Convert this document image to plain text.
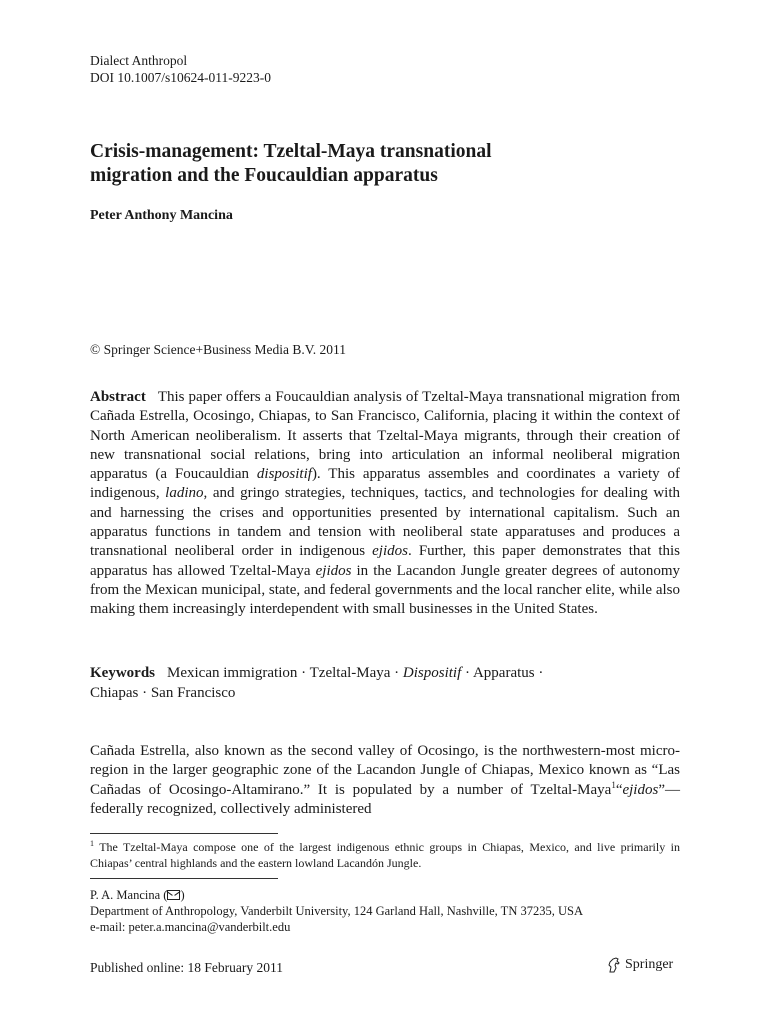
Dialect Anthropol
DOI 10.1007/s10624-011-9223-0
Crisis-management: Tzeltal-Maya transnational
migration and the Foucauldian apparatus
Peter Anthony Mancina
© Springer Science+Business Media B.V. 2011

Abstract This paper offers a Foucauldian analysis of Tzeltal-Maya transnational migration from Cañada Estrella, Ocosingo, Chiapas, to San Francisco, California, placing it within the context of North American neoliberalism. It asserts that Tzeltal-Maya migrants, through their creation of new transnational social relations, bring into articulation an informal neoliberal migration apparatus (a Foucauldian dispositif). This apparatus assembles and coordinates a variety of indigenous, ladino, and gringo strategies, techniques, tactics, and technologies for dealing with and harnessing the crises and opportunities presented by international capitalism. Such an apparatus functions in tandem and tension with neoliberal state apparatuses and produces a transnational neoliberal order in indigenous ejidos. Further, this paper demonstrates that this apparatus has allowed Tzeltal-Maya ejidos in the Lacandon Jungle greater degrees of autonomy from the Mexican municipal, state, and federal governments and the local rancher elite, while also making them increasingly interdependent with small businesses in the United States.

Keywords Mexican immigration · Tzeltal-Maya · Dispositif · Apparatus ·
Chiapas · San Francisco
Cañada Estrella, also known as the second valley of Ocosingo, is the northwestern-most micro-region in the larger geographic zone of the Lacandon Jungle of Chiapas, Mexico known as “Las Cañadas of Ocosingo-Altamirano.” It is populated by a number of Tzeltal-Maya$^1$“ejidos”—federally recognized, collectively administered
$^1$ The Tzeltal-Maya compose one of the largest indigenous ethnic groups in Chiapas, Mexico, and live primarily in Chiapas’ central highlands and the eastern lowland Lacandón Jungle.
P. A. Mancina ( )
Department of Anthropology, Vanderbilt University, 124 Garland Hall, Nashville, TN 37235, USA
e-mail: peter.a.mancina@vanderbilt.edu
Published online: 18 February 2011	Springer
